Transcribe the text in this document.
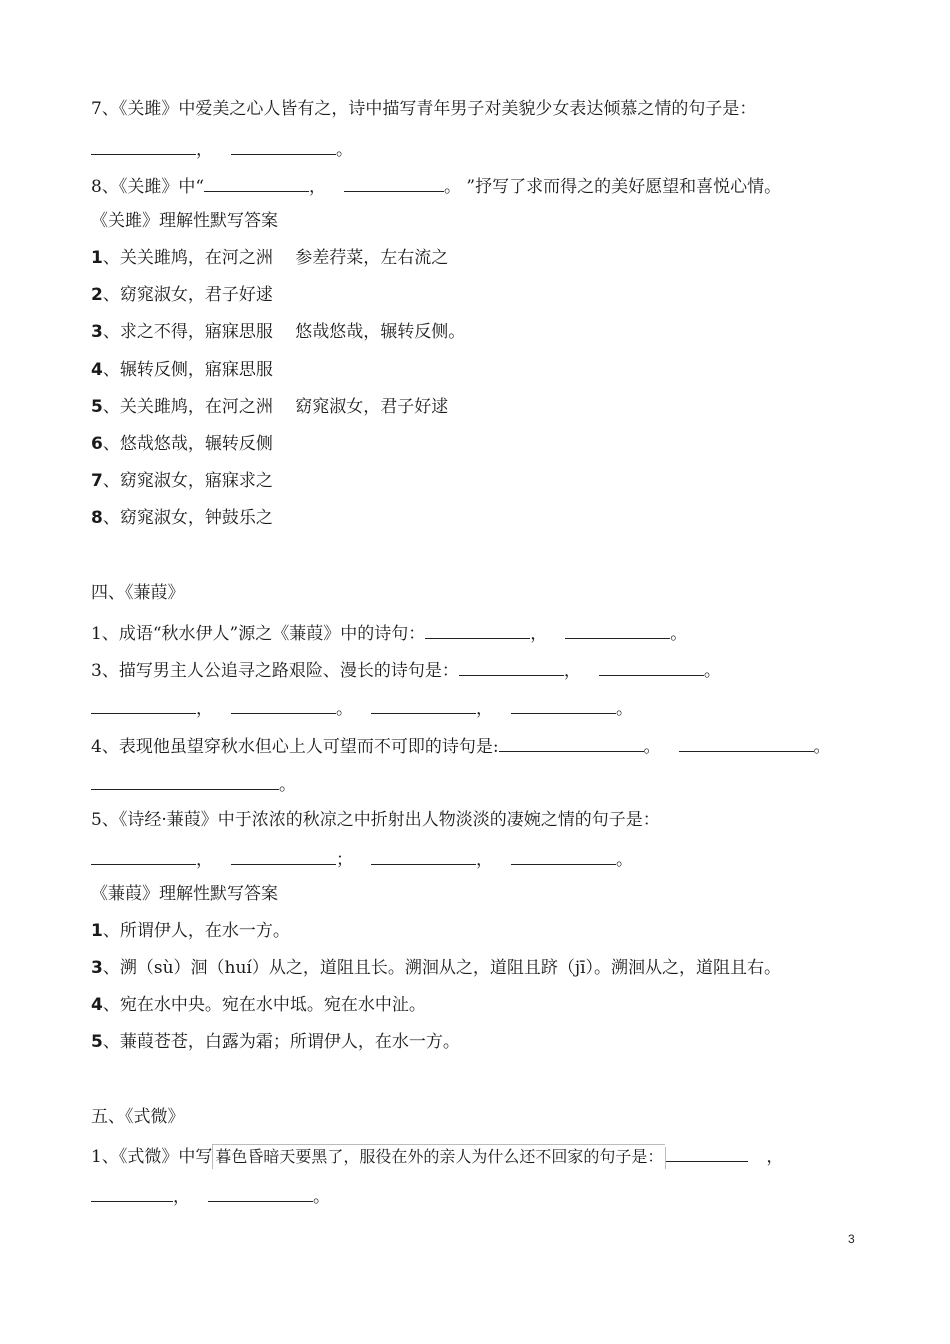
7、《关雎》中爱美之心人皆有之，诗中描写青年男子对美貌少女表达倾慕之情的句子是：
，	。
8、《关雎》中“	，	。 ”抒写了求而得之的美好愿望和喜悦心情。
《关雎》理解性默写答案
1、关关雎鸠，在河之洲　 参差荇菜，左右流之
2、窈窕淑女，君子好逑
3、求之不得，寤寐思服　 悠哉悠哉，辗转反侧。
4、辗转反侧，寤寐思服
5、关关雎鸠，在河之洲　 窈窕淑女，君子好逑
6、悠哉悠哉，辗转反侧
7、窈窕淑女，寤寐求之
8、窈窕淑女，钟鼓乐之
四、《蒹葭》
1、成语“秋水伊人”源之《蒹葭》中的诗句：	，	。
3、描写男主人公追寻之路艰险、漫长的诗句是：	，	。
，	。	，	。
4、表现他虽望穿秋水但心上人可望而不可即的诗句是:	。	。
。
5、《诗经·蒹葭》中于浓浓的秋凉之中折射出人物淡淡的凄婉之情的句子是：
，	；	，	。
《蒹葭》理解性默写答案
1、所谓伊人，在水一方。
3、溯（sù）洄（huí）从之，道阻且长。溯洄从之，道阻且跻（jī）。溯洄从之，道阻且右。
4、宛在水中央。宛在水中坻。宛在水中沚。
5、蒹葭苍苍，白露为霜；所谓伊人，在水一方。
五、《式微》
1、《式微》中写 暮色昏暗天要黑了，服役在外的亲人为什么还不回家的句子是：	，
，	。
3
